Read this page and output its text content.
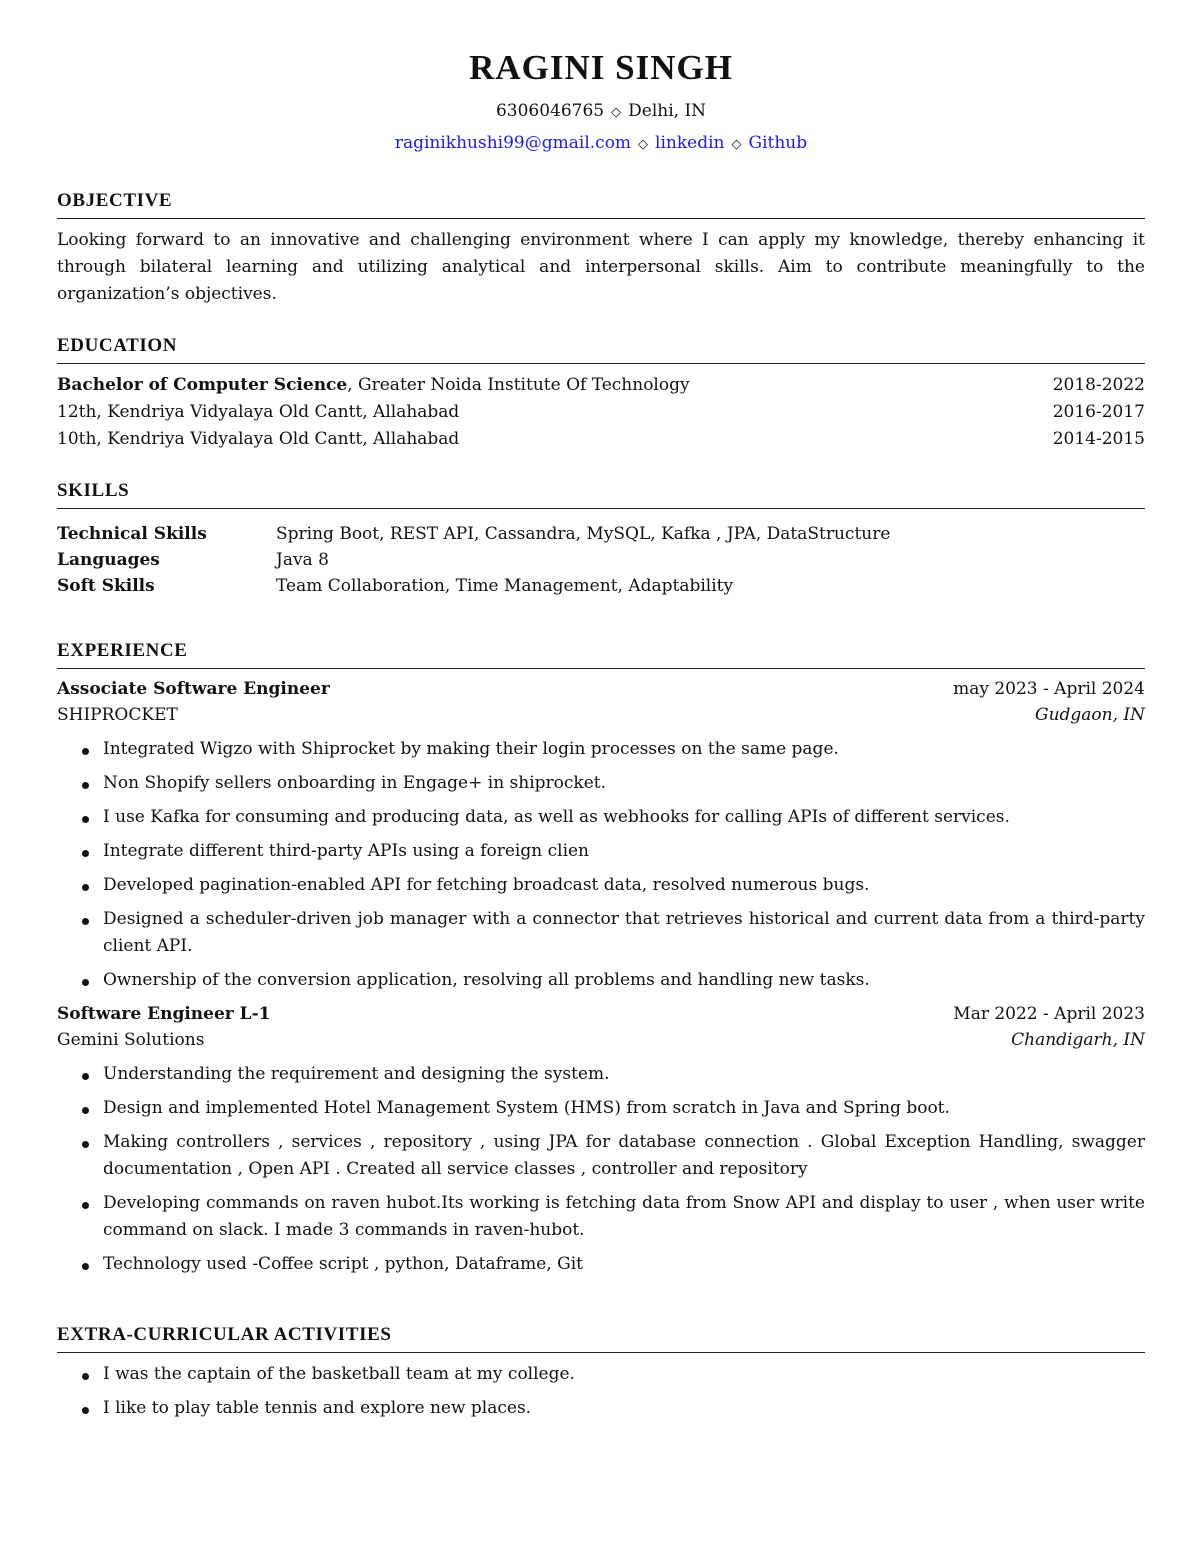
RAGINI SINGH
6306046765 ◇ Delhi, IN
raginikhushi99@gmail.com ◇ linkedin ◇ Github
OBJECTIVE
Looking forward to an innovative and challenging environment where I can apply my knowledge, thereby enhancing it through bilateral learning and utilizing analytical and interpersonal skills. Aim to contribute meaningfully to the organization’s objectives.
EDUCATION
Bachelor of Computer Science, Greater Noida Institute Of Technology	2018-2022
12th, Kendriya Vidyalaya Old Cantt, Allahabad	2016-2017
10th, Kendriya Vidyalaya Old Cantt, Allahabad	2014-2015
SKILLS
Technical Skills	Spring Boot, REST API, Cassandra, MySQL, Kafka , JPA, DataStructure
Languages	Java 8
Soft Skills	Team Collaboration, Time Management, Adaptability
EXPERIENCE
Associate Software Engineer	may 2023 - April 2024
SHIPROCKET	Gudgaon, IN
Integrated Wigzo with Shiprocket by making their login processes on the same page.
Non Shopify sellers onboarding in Engage+ in shiprocket.
I use Kafka for consuming and producing data, as well as webhooks for calling APIs of different services.
Integrate different third-party APIs using a foreign clien
Developed pagination-enabled API for fetching broadcast data, resolved numerous bugs.
Designed a scheduler-driven job manager with a connector that retrieves historical and current data from a third-party client API.
Ownership of the conversion application, resolving all problems and handling new tasks.
Software Engineer L-1	Mar 2022 - April 2023
Gemini Solutions	Chandigarh, IN
Understanding the requirement and designing the system.
Design and implemented Hotel Management System (HMS) from scratch in Java and Spring boot.
Making controllers , services , repository , using JPA for database connection . Global Exception Handling, swagger documentation , Open API . Created all service classes , controller and repository
Developing commands on raven hubot.Its working is fetching data from Snow API and display to user , when user write command on slack. I made 3 commands in raven-hubot.
Technology used -Coffee script , python, Dataframe, Git
EXTRA-CURRICULAR ACTIVITIES
I was the captain of the basketball team at my college.
I like to play table tennis and explore new places.
